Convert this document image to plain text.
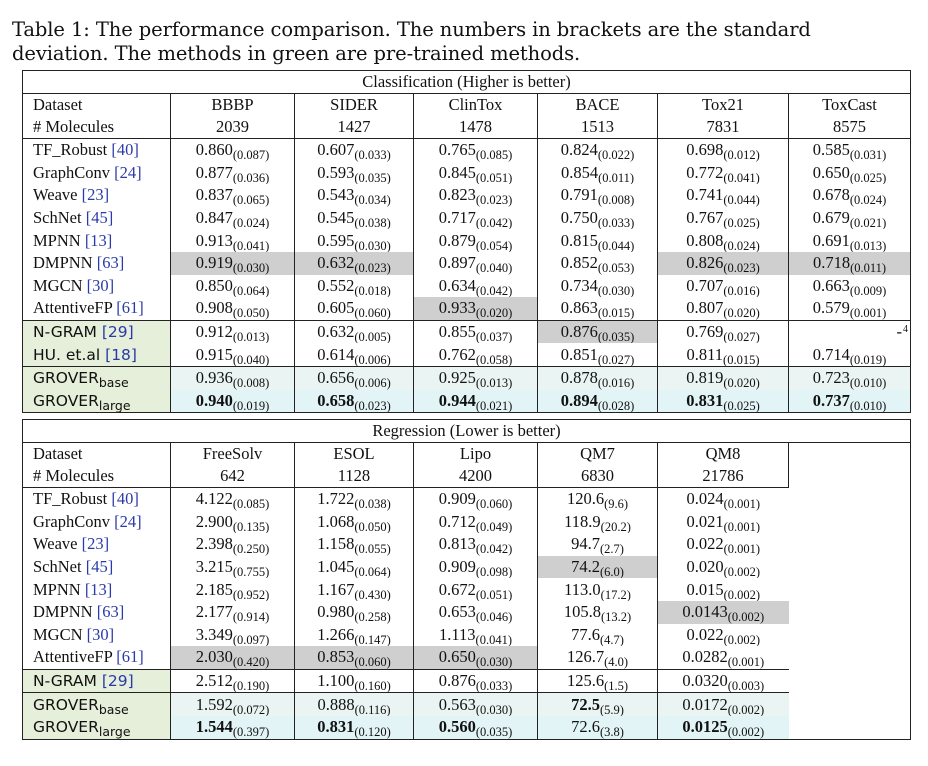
Table 1: The performance comparison. The numbers in brackets are the standard deviation. The methods in green are pre-trained methods.
Classification (Higher is better)						
Dataset	BBBP	SIDER	ClinTox	BACE	Tox21	ToxCast
# Molecules	2039	1427	1478	1513	7831	8575
TF_Robust [40]	$0.860_{(0.087)}$	$0.607_{(0.033)}$	$0.765_{(0.085)}$	$0.824_{(0.022)}$	$0.698_{(0.012)}$	$0.585_{(0.031)}$
GraphConv [24]	$0.877_{(0.036)}$	$0.593_{(0.035)}$	$0.845_{(0.051)}$	$0.854_{(0.011)}$	$0.772_{(0.041)}$	$0.650_{(0.025)}$
Weave [23]	$0.837_{(0.065)}$	$0.543_{(0.034)}$	$0.823_{(0.023)}$	$0.791_{(0.008)}$	$0.741_{(0.044)}$	$0.678_{(0.024)}$
SchNet [45]	$0.847_{(0.024)}$	$0.545_{(0.038)}$	$0.717_{(0.042)}$	$0.750_{(0.033)}$	$0.767_{(0.025)}$	$0.679_{(0.021)}$
MPNN [13]	$0.913_{(0.041)}$	$0.595_{(0.030)}$	$0.879_{(0.054)}$	$0.815_{(0.044)}$	$0.808_{(0.024)}$	$0.691_{(0.013)}$
DMPNN [63]	$0.919_{(0.030)}$	$0.632_{(0.023)}$	$0.897_{(0.040)}$	$0.852_{(0.053)}$	$0.826_{(0.023)}$	$0.718_{(0.011)}$
MGCN [30]	$0.850_{(0.064)}$	$0.552_{(0.018)}$	$0.634_{(0.042)}$	$0.734_{(0.030)}$	$0.707_{(0.016)}$	$0.663_{(0.009)}$
AttentiveFP [61]	$0.908_{(0.050)}$	$0.605_{(0.060)}$	$0.933_{(0.020)}$	$0.863_{(0.015)}$	$0.807_{(0.020)}$	$0.579_{(0.001)}$
N-GRAM [29]	$0.912_{(0.013)}$	$0.632_{(0.005)}$	$0.855_{(0.037)}$	$0.876_{(0.035)}$	$0.769_{(0.027)}$	- 4

HU. et.al [18]	$0.915_{(0.040)}$	$0.614_{(0.006)}$	$0.762_{(0.058)}$	$0.851_{(0.027)}$	$0.811_{(0.015)}$	$0.714_{(0.019)}$
$GROVER_{base}$	$0.936_{(0.008)}$	$0.656_{(0.006)}$	$0.925_{(0.013)}$	$0.878_{(0.016)}$	$0.819_{(0.020)}$	$0.723_{(0.010)}$
$GROVER_{large}$	$0.940_{(0.019)}$	$0.658_{(0.023)}$	$0.944_{(0.021)}$	$0.894_{(0.028)}$	$0.831_{(0.025)}$	$0.737_{(0.010)}$
Regression (Lower is better)						
Dataset	FreeSolv	ESOL	Lipo	QM7	QM8	
# Molecules	642	1128	4200	6830	21786	
TF_Robust [40]	$4.122_{(0.085)}$	$1.722_{(0.038)}$	$0.909_{(0.060)}$	$120.6_{(9.6)}$	$0.024_{(0.001)}$
GraphConv [24]	$2.900_{(0.135)}$	$1.068_{(0.050)}$	$0.712_{(0.049)}$	$118.9_{(20.2)}$	$0.021_{(0.001)}$
Weave [23]	$2.398_{(0.250)}$	$1.158_{(0.055)}$	$0.813_{(0.042)}$	$94.7_{(2.7)}$	$0.022_{(0.001)}$
SchNet [45]	$3.215_{(0.755)}$	$1.045_{(0.064)}$	$0.909_{(0.098)}$	$74.2_{(6.0)}$	$0.020_{(0.002)}$
MPNN [13]	$2.185_{(0.952)}$	$1.167_{(0.430)}$	$0.672_{(0.051)}$	$113.0_{(17.2)}$	$0.015_{(0.002)}$
DMPNN [63]	$2.177_{(0.914)}$	$0.980_{(0.258)}$	$0.653_{(0.046)}$	$105.8_{(13.2)}$	$0.0143_{(0.002)}$
MGCN [30]	$3.349_{(0.097)}$	$1.266_{(0.147)}$	$1.113_{(0.041)}$	$77.6_{(4.7)}$	$0.022_{(0.002)}$
AttentiveFP [61]	$2.030_{(0.420)}$	$0.853_{(0.060)}$	$0.650_{(0.030)}$	$126.7_{(4.0)}$	$0.0282_{(0.001)}$
N-GRAM [29]	$2.512_{(0.190)}$	$1.100_{(0.160)}$	$0.876_{(0.033)}$	$125.6_{(1.5)}$	$0.0320_{(0.003)}$
$GROVER_{base}$	$1.592_{(0.072)}$	$0.888_{(0.116)}$	$0.563_{(0.030)}$	$72.5_{(5.9)}$	$0.0172_{(0.002)}$
$GROVER_{large}$	$1.544_{(0.397)}$	$0.831_{(0.120)}$	$0.560_{(0.035)}$	$72.6_{(3.8)}$	$0.0125_{(0.002)}$
